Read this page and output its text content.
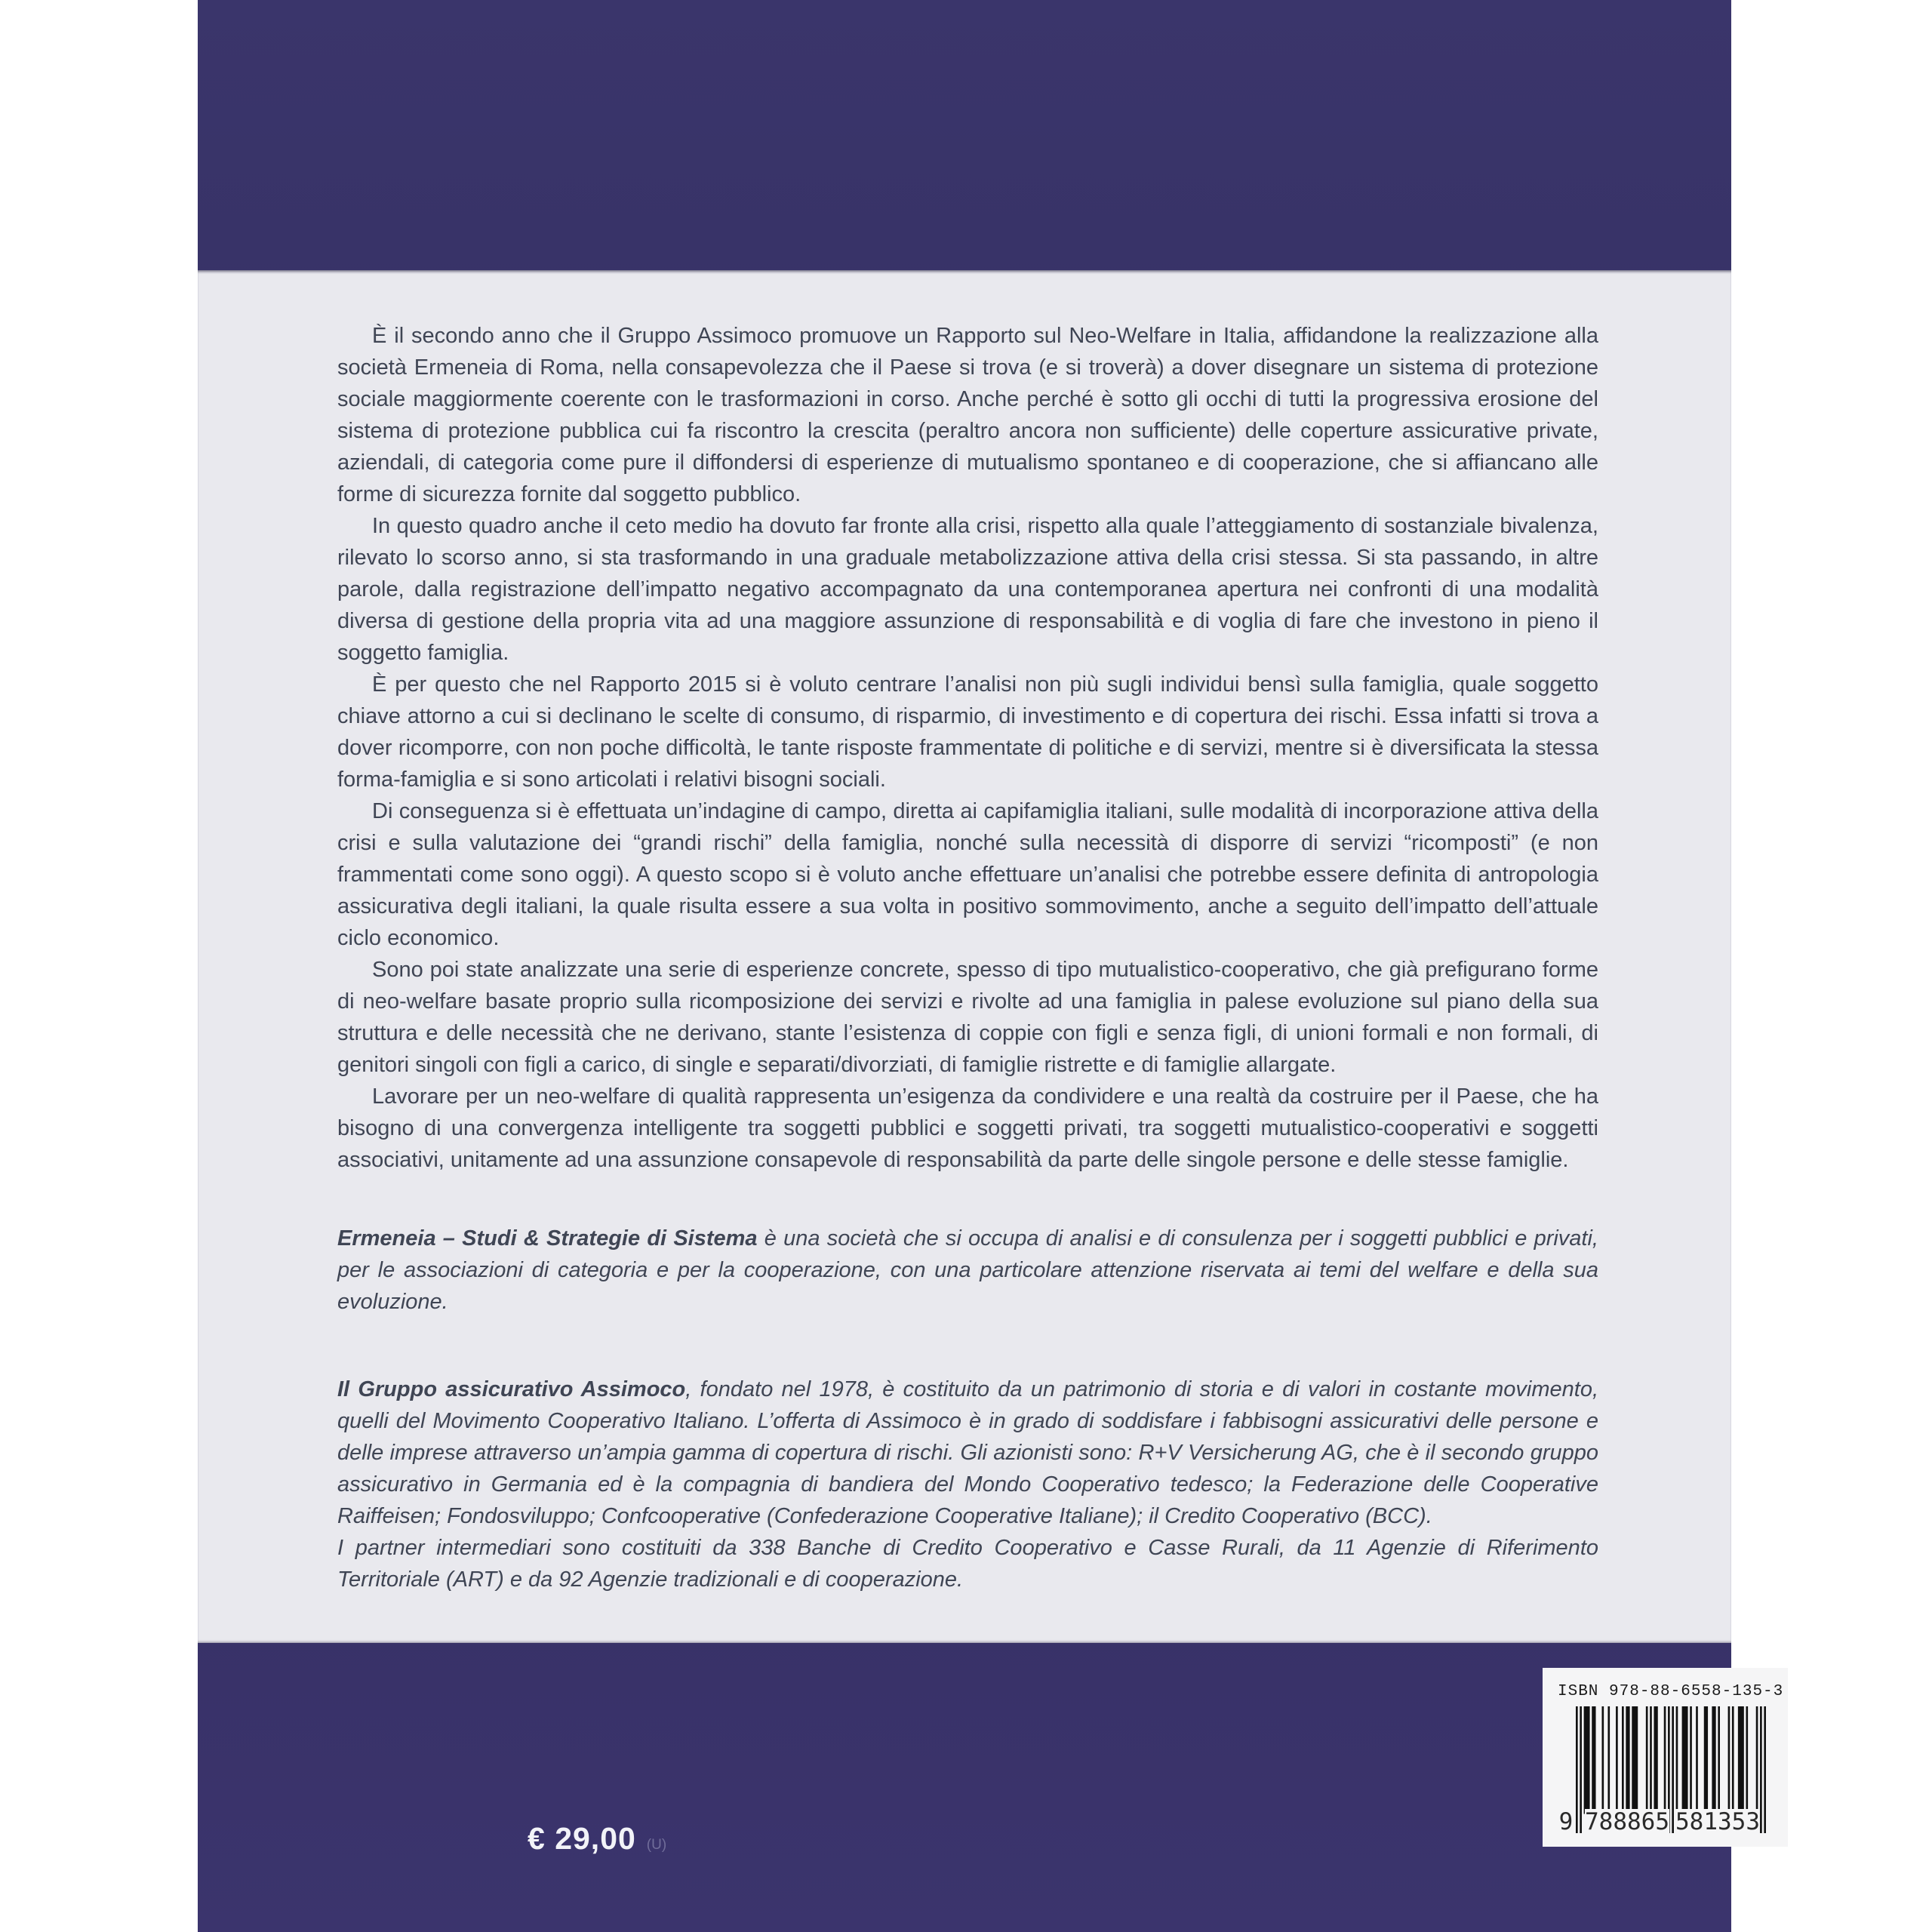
È il secondo anno che il Gruppo Assimoco promuove un Rapporto sul Neo-Welfare in Italia, affidandone la realizzazione alla società Ermeneia di Roma, nella consapevolezza che il Paese si trova (e si troverà) a dover disegnare un sistema di protezione sociale maggiormente coerente con le trasformazioni in corso. Anche perché è sotto gli occhi di tutti la progressiva erosione del sistema di protezione pubblica cui fa riscontro la crescita (peraltro ancora non sufficiente) delle coperture assicurative private, aziendali, di categoria come pure il diffondersi di esperienze di mutualismo spontaneo e di cooperazione, che si affiancano alle forme di sicurezza fornite dal soggetto pubblico.

In questo quadro anche il ceto medio ha dovuto far fronte alla crisi, rispetto alla quale l’atteggiamento di sostanziale bivalenza, rilevato lo scorso anno, si sta trasformando in una graduale metabolizzazione attiva della crisi stessa. Si sta passando, in altre parole, dalla registrazione dell’impatto negativo accompagnato da una contemporanea apertura nei confronti di una modalità diversa di gestione della propria vita ad una maggiore assunzione di responsabilità e di voglia di fare che investono in pieno il soggetto famiglia.

È per questo che nel Rapporto 2015 si è voluto centrare l’analisi non più sugli individui bensì sulla famiglia, quale soggetto chiave attorno a cui si declinano le scelte di consumo, di risparmio, di investimento e di copertura dei rischi. Essa infatti si trova a dover ricomporre, con non poche difficoltà, le tante risposte frammentate di politiche e di servizi, mentre si è diversificata la stessa forma-famiglia e si sono articolati i relativi bisogni sociali.

Di conseguenza si è effettuata un’indagine di campo, diretta ai capifamiglia italiani, sulle modalità di incorporazione attiva della crisi e sulla valutazione dei “grandi rischi” della famiglia, nonché sulla necessità di disporre di servizi “ricomposti” (e non frammentati come sono oggi). A questo scopo si è voluto anche effettuare un’analisi che potrebbe essere definita di antropologia assicurativa degli italiani, la quale risulta essere a sua volta in positivo sommovimento, anche a seguito dell’impatto dell’attuale ciclo economico.

Sono poi state analizzate una serie di esperienze concrete, spesso di tipo mutualistico-cooperativo, che già prefigurano forme di neo-welfare basate proprio sulla ricomposizione dei servizi e rivolte ad una famiglia in palese evoluzione sul piano della sua struttura e delle necessità che ne derivano, stante l’esistenza di coppie con figli e senza figli, di unioni formali e non formali, di genitori singoli con figli a carico, di single e separati/divorziati, di famiglie ristrette e di famiglie allargate.

Lavorare per un neo-welfare di qualità rappresenta un’esigenza da condividere e una realtà da costruire per il Paese, che ha bisogno di una convergenza intelligente tra soggetti pubblici e soggetti privati, tra soggetti mutualistico-cooperativi e soggetti associativi, unitamente ad una assunzione consapevole di responsabilità da parte delle singole persone e delle stesse famiglie.

Ermeneia – Studi & Strategie di Sistema è una società che si occupa di analisi e di consulenza per i soggetti pubblici e privati, per le associazioni di categoria e per la cooperazione, con una particolare attenzione riservata ai temi del welfare e della sua evoluzione.

Il Gruppo assicurativo Assimoco, fondato nel 1978, è costituito da un patrimonio di storia e di valori in costante movimento, quelli del Movimento Cooperativo Italiano. L’offerta di Assimoco è in grado di soddisfare i fabbisogni assicurativi delle persone e delle imprese attraverso un’ampia gamma di copertura di rischi. Gli azionisti sono: R+V Versicherung AG, che è il secondo gruppo assicurativo in Germania ed è la compagnia di bandiera del Mondo Cooperativo tedesco; la Federazione delle Cooperative Raiffeisen; Fondosviluppo; Confcooperative (Confederazione Cooperative Italiane); il Credito Cooperativo (BCC).

I partner intermediari sono costituiti da 338 Banche di Credito Cooperativo e Casse Rurali, da 11 Agenzie di Riferimento Territoriale (ART) e da 92 Agenzie tradizionali e di cooperazione.

€ 29,00 (U)
ISBN 978-88-6558-135-3
9 788865 581353
